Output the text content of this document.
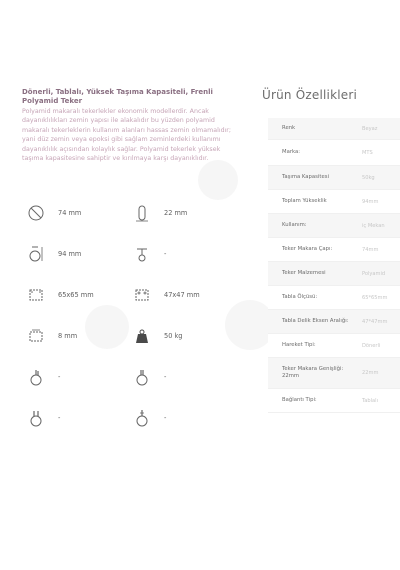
Dönerli, Tablalı, Yüksek Taşıma Kapasiteli, Frenli Polyamid Teker

Polyamid makaralı tekerlekler ekonomik modellerdir. Ancak dayanıklılıkları zemin yapısı ile alakalıdır bu yüzden polyamid makaralı tekerleklerin kullanım alanları hassas zemin olmamalıdır; yani düz zemin veya epoksi gibi sağlam zeminlerdeki kullanımı dayanıklılık açısından kolaylık sağlar. Polyamid tekerlek yüksek taşıma kapasitesine sahiptir ve kırılmaya karşı dayanıklıdır.

74 mm	22 mm
94 mm	-
65x65 mm	47x47 mm
8 mm	50 kg
-	-
-	-
Ürün Özellikleri
Renk	Beyaz
Marka:	MTS
Taşıma Kapasitesi	50kg
Toplam Yükseklik	94mm
Kullanım:	iç Mekan
Teker Makara Çapı:	74mm
Teker Malzemesi	Polyamid
Tabla Ölçüsü:	65*65mm
Tabla Delik Eksen Aralığı:	47*47mm
Hareket Tipi:	Dönerli
Teker Makara Genişliği: 22mm	22mm
Bağlantı Tipi:	Tablalı
